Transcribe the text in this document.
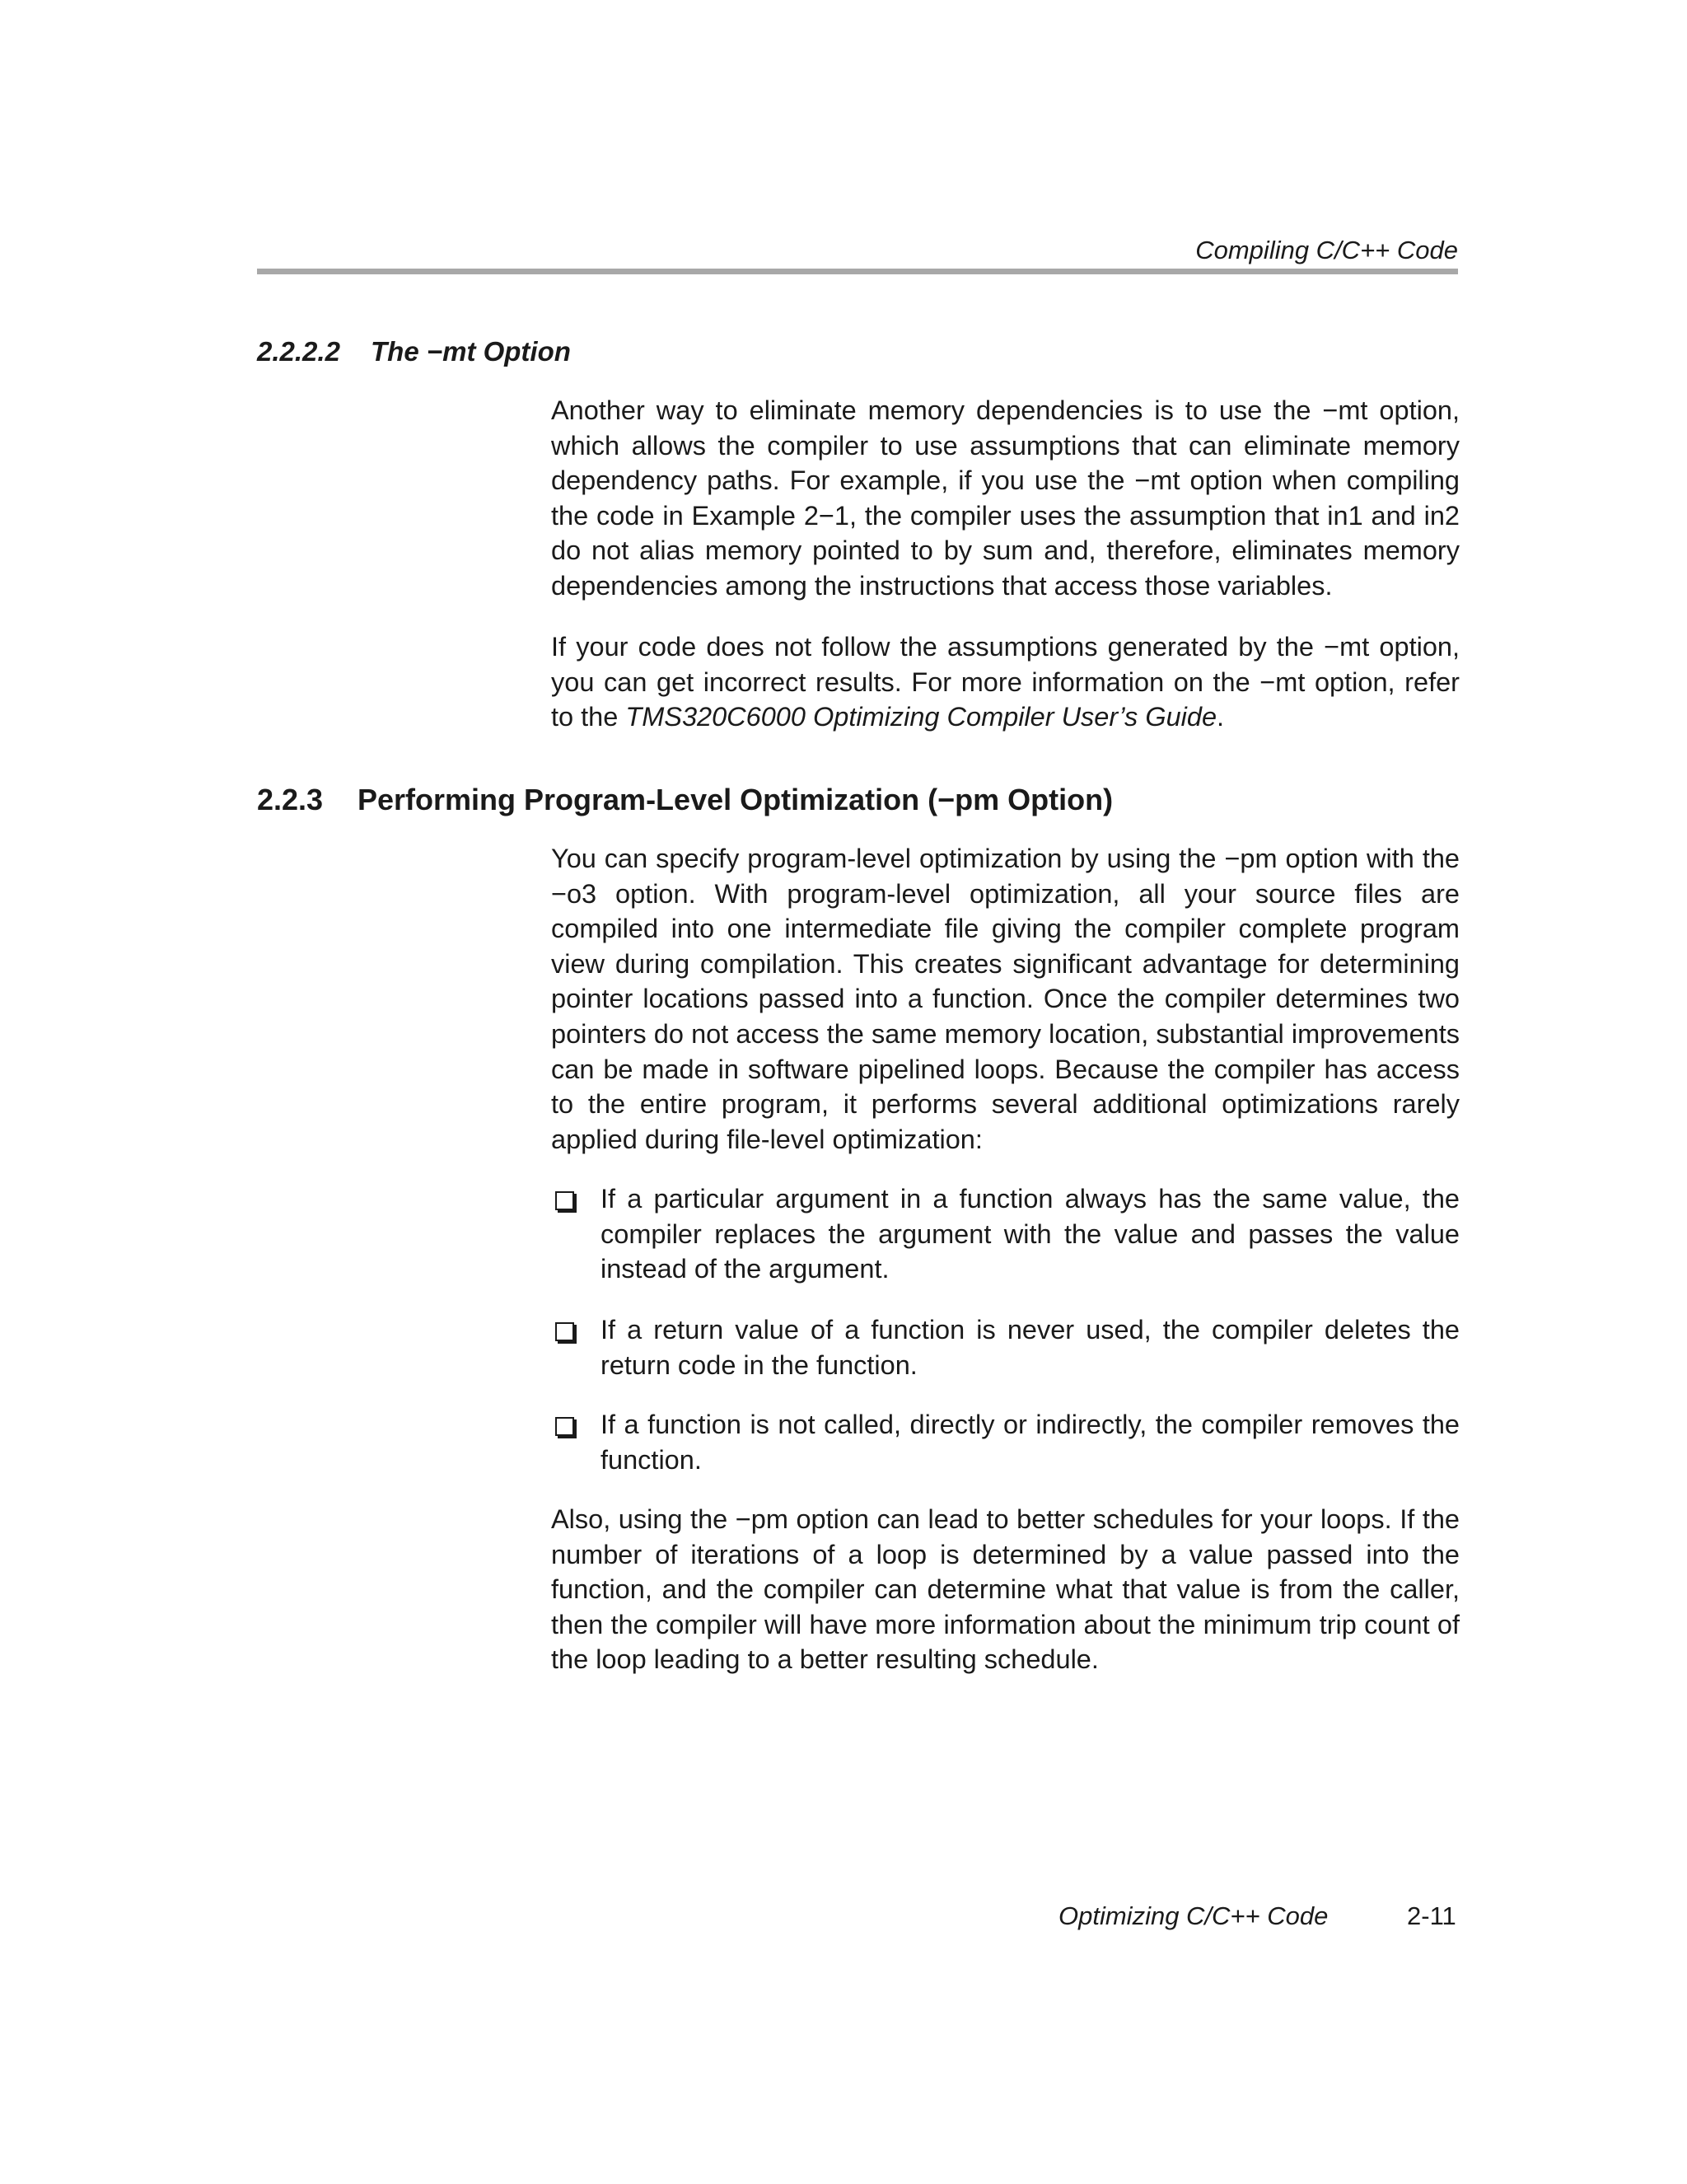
Compiling C/C++ Code
2.2.2.2 The −mt Option

Another way to eliminate memory dependencies is to use the −mt option, which allows the compiler to use assumptions that can eliminate memory dependency paths. For example, if you use the −mt option when compiling the code in Example 2−1, the compiler uses the assumption that in1 and in2 do not alias memory pointed to by sum and, therefore, eliminates memory dependencies among the instructions that access those variables.

If your code does not follow the assumptions generated by the −mt option, you can get incorrect results. For more information on the −mt option, refer to the TMS320C6000 Optimizing Compiler User’s Guide.

2.2.3 Performing Program-Level Optimization (−pm Option)

You can specify program-level optimization by using the −pm option with the −o3 option. With program-level optimization, all your source files are compiled into one intermediate file giving the compiler complete program view during compilation. This creates significant advantage for determining pointer locations passed into a function. Once the compiler determines two pointers do not access the same memory location, substantial improvements can be made in software pipelined loops. Because the compiler has access to the entire program, it performs several additional optimizations rarely applied during file-level optimization:

If a particular argument in a function always has the same value, the compiler replaces the argument with the value and passes the value instead of the argument.
If a return value of a function is never used, the compiler deletes the return code in the function.
If a function is not called, directly or indirectly, the compiler removes the function.

Also, using the −pm option can lead to better schedules for your loops. If the number of iterations of a loop is determined by a value passed into the function, and the compiler can determine what that value is from the caller, then the compiler will have more information about the minimum trip count of the loop leading to a better resulting schedule.

Optimizing C/C++ Code	2-11
